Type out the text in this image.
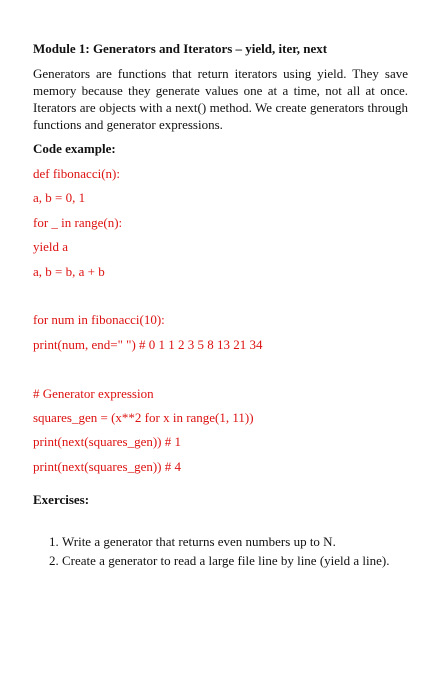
Module 1: Generators and Iterators – yield, iter, next
Generators are functions that return iterators using yield. They save memory because they generate values one at a time, not all at once. Iterators are objects with a next() method. We create generators through functions and generator expressions.
Code example:
def fibonacci(n):
a, b = 0, 1
for _ in range(n):
yield a
a, b = b, a + b
for num in fibonacci(10):
print(num, end=" ") # 0 1 1 2 3 5 8 13 21 34
# Generator expression
squares_gen = (x**2 for x in range(1, 11))
print(next(squares_gen)) # 1
print(next(squares_gen)) # 4
Exercises:
1. Write a generator that returns even numbers up to N.
2. Create a generator to read a large file line by line (yield a line).
